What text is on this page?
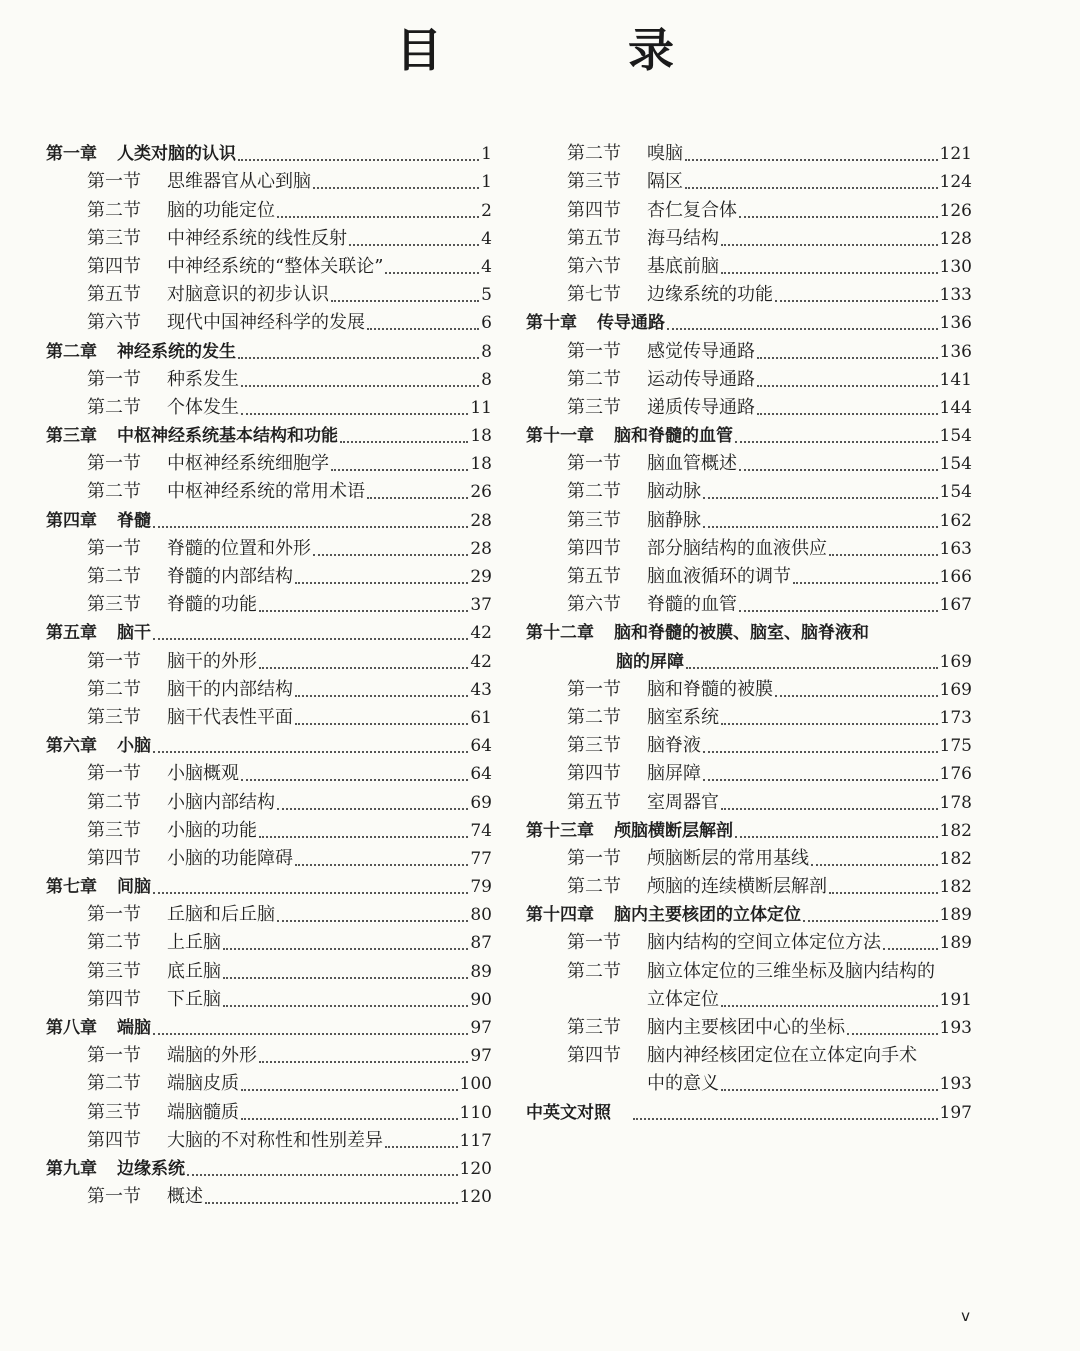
目　录
第一章 人类对脑的认识	1
第一节	思维器官从心到脑	1
第二节	脑的功能定位	2
第三节	中神经系统的线性反射	4
第四节	中神经系统的“整体关联论”	4
第五节	对脑意识的初步认识	5
第六节	现代中国神经科学的发展	6
第二章 神经系统的发生	8
第一节	种系发生	8
第二节	个体发生	11
第三章 中枢神经系统基本结构和功能	18
第一节	中枢神经系统细胞学	18
第二节	中枢神经系统的常用术语	26
第四章 脊髓	28
第一节	脊髓的位置和外形	28
第二节	脊髓的内部结构	29
第三节	脊髓的功能	37
第五章 脑干	42
第一节	脑干的外形	42
第二节	脑干的内部结构	43
第三节	脑干代表性平面	61
第六章 小脑	64
第一节	小脑概观	64
第二节	小脑内部结构	69
第三节	小脑的功能	74
第四节	小脑的功能障碍	77
第七章 间脑	79
第一节	丘脑和后丘脑	80
第二节	上丘脑	87
第三节	底丘脑	89
第四节	下丘脑	90
第八章 端脑	97
第一节	端脑的外形	97
第二节	端脑皮质	100
第三节	端脑髓质	110
第四节	大脑的不对称性和性别差异	117
第九章 边缘系统	120
第一节	概述	120
第二节	嗅脑	121
第三节	隔区	124
第四节	杏仁复合体	126
第五节	海马结构	128
第六节	基底前脑	130
第七节	边缘系统的功能	133
第十章 传导通路	136
第一节	感觉传导通路	136
第二节	运动传导通路	141
第三节	递质传导通路	144
第十一章 脑和脊髓的血管	154
第一节	脑血管概述	154
第二节	脑动脉	154
第三节	脑静脉	162
第四节	部分脑结构的血液供应	163
第五节	脑血液循环的调节	166
第六节	脊髓的血管	167
第十二章 脑和脊髓的被膜、脑室、脑脊液和
脑的屏障	169
第一节	脑和脊髓的被膜	169
第二节	脑室系统	173
第三节	脑脊液	175
第四节	脑屏障	176
第五节	室周器官	178
第十三章 颅脑横断层解剖	182
第一节	颅脑断层的常用基线	182
第二节	颅脑的连续横断层解剖	182
第十四章 脑内主要核团的立体定位	189
第一节	脑内结构的空间立体定位方法	189
第二节	脑立体定位的三维坐标及脑内结构的
立体定位	191
第三节	脑内主要核团中心的坐标	193
第四节	脑内神经核团定位在立体定向手术
中的意义	193
中英文对照	197
v
